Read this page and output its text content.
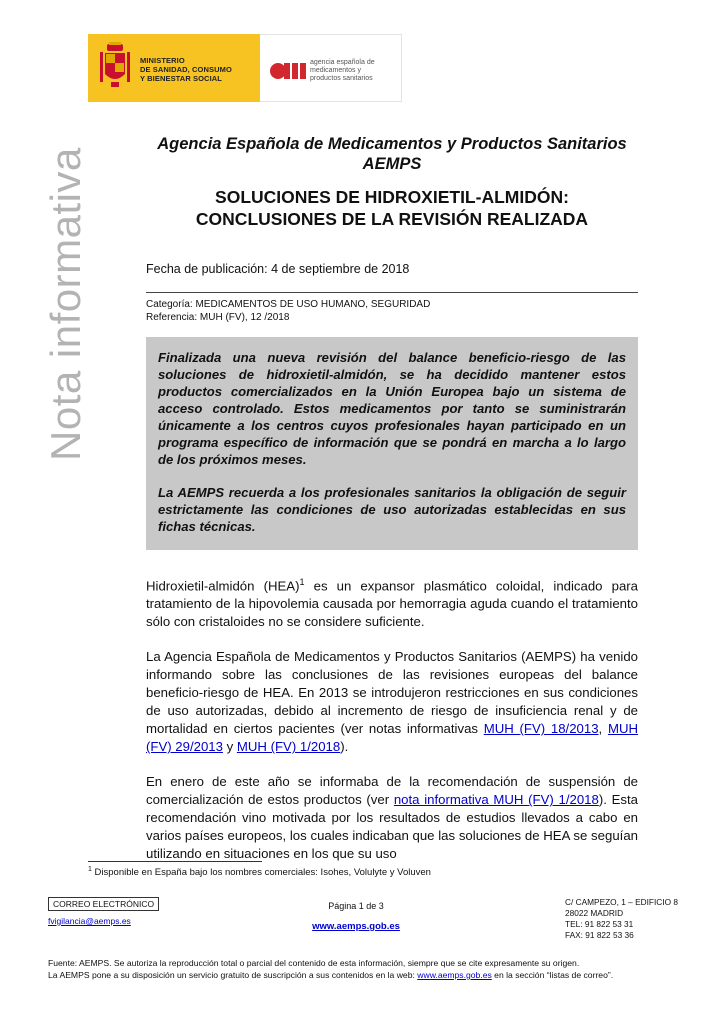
MINISTERIO
DE SANIDAD, CONSUMO
Y BIENESTAR SOCIAL
agencia española de
medicamentos y
productos sanitarios
Nota informativa
Agencia Española de Medicamentos y Productos Sanitarios
AEMPS
SOLUCIONES DE HIDROXIETIL-ALMIDÓN:
CONCLUSIONES DE LA REVISIÓN REALIZADA
Fecha de publicación: 4 de septiembre de 2018
Categoría: MEDICAMENTOS DE USO HUMANO, SEGURIDAD
Referencia: MUH (FV), 12 /2018

Finalizada una nueva revisión del balance beneficio-riesgo de las soluciones de hidroxietil-almidón, se ha decidido mantener estos productos comercializados en la Unión Europea bajo un sistema de acceso controlado. Estos medicamentos por tanto se suministrarán únicamente a los centros cuyos profesionales hayan participado en un programa específico de información que se pondrá en marcha a lo largo de los próximos meses.

La AEMPS recuerda a los profesionales sanitarios la obligación de seguir estrictamente las condiciones de uso autorizadas establecidas en sus fichas técnicas.

Hidroxietil-almidón (HEA)$^1$ es un expansor plasmático coloidal, indicado para tratamiento de la hipovolemia causada por hemorragia aguda cuando el tratamiento sólo con cristaloides no se considere suficiente.

La Agencia Española de Medicamentos y Productos Sanitarios (AEMPS) ha venido informando sobre las conclusiones de las revisiones europeas del balance beneficio-riesgo de HEA. En 2013 se introdujeron restricciones en sus condiciones de uso autorizadas, debido al incremento de riesgo de insuficiencia renal y de mortalidad en ciertos pacientes (ver notas informativas MUH (FV) 18/2013, MUH (FV) 29/2013 y MUH (FV) 1/2018).

En enero de este año se informaba de la recomendación de suspensión de comercialización de estos productos (ver nota informativa MUH (FV) 1/2018). Esta recomendación vino motivada por los resultados de estudios llevados a cabo en varios países europeos, los cuales indicaban que las soluciones de HEA se seguían utilizando en situaciones en los que su uso

$^1$ Disponible en España bajo los nombres comerciales: Isohes, Volulyte y Voluven
CORREO ELECTRÓNICO
fvigilancia@aemps.es
Página 1 de 3
www.aemps.gob.es
C/ CAMPEZO, 1 – EDIFICIO 8
28022 MADRID
TEL: 91 822 53 31
FAX: 91 822 53 36
Fuente: AEMPS. Se autoriza la reproducción total o parcial del contenido de esta información, siempre que se cite expresamente su origen.
La AEMPS pone a su disposición un servicio gratuito de suscripción a sus contenidos en la web: www.aemps.gob.es en la sección “listas de correo”.
